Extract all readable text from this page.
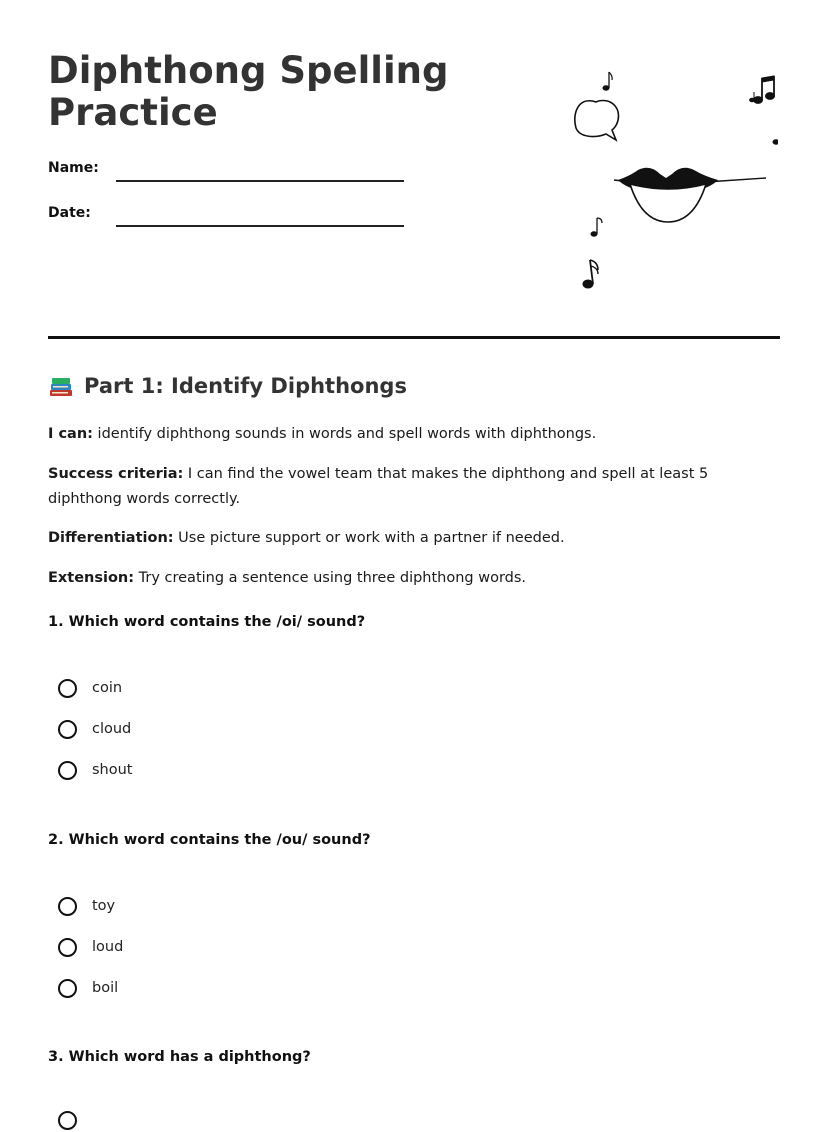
Diphthong Spelling Practice
Name:
Date:
Part 1: Identify Diphthongs

I can: identify diphthong sounds in words and spell words with diphthongs.

Success criteria: I can find the vowel team that makes the diphthong and spell at least 5 diphthong words correctly.

Differentiation: Use picture support or work with a partner if needed.

Extension: Try creating a sentence using three diphthong words.

1. Which word contains the /oi/ sound?

coin
cloud
shout

2. Which word contains the /ou/ sound?

toy
loud
boil

3. Which word has a diphthong?
